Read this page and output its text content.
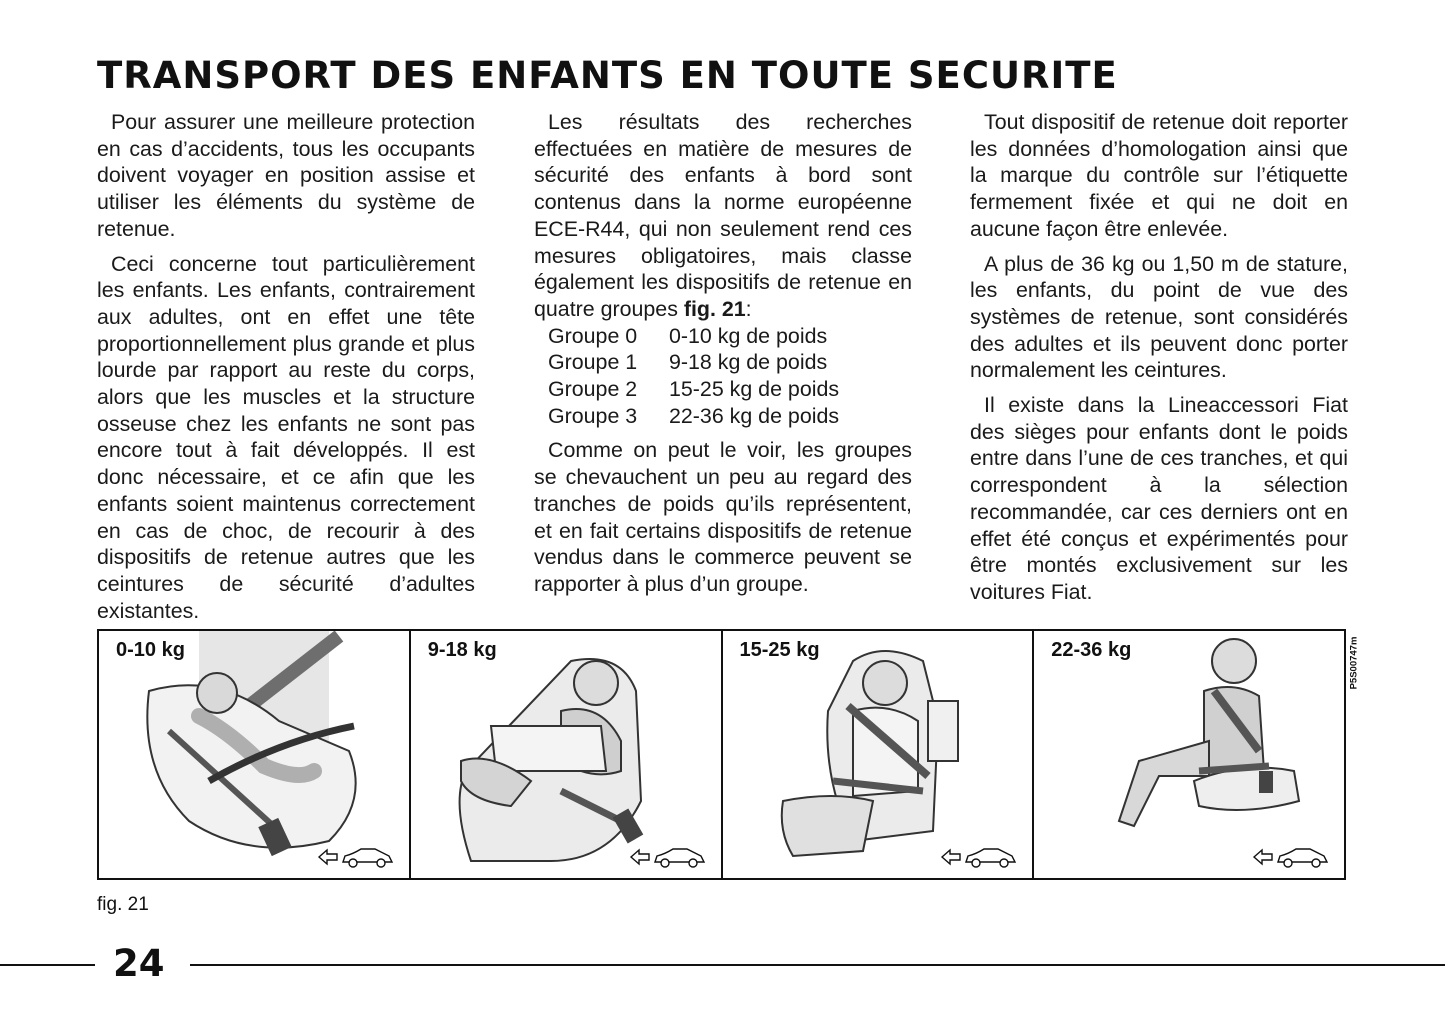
TRANSPORT DES ENFANTS EN TOUTE SECURITE

Pour assurer une meilleure protection en cas d’accidents, tous les occupants doivent voyager en position assise et utiliser les éléments du système de retenue.

Ceci concerne tout particulièrement les enfants. Les enfants, contrairement aux adultes, ont en effet une tête proportionnellement plus grande et plus lourde par rapport au reste du corps, alors que les muscles et la structure osseuse chez les enfants ne sont pas encore tout à fait développés. Il est donc nécessaire, et ce afin que les enfants soient maintenus correctement en cas de choc, de recourir à des dispositifs de retenue autres que les ceintures de sécurité d’adultes existantes.

Les résultats des recherches effectuées en matière de mesures de sécurité des enfants à bord sont contenus dans la norme européenne ECE-R44, qui non seulement rend ces mesures obligatoires, mais classe également les dispositifs de retenue en quatre groupes fig. 21:

Groupe 0	0-10 kg de poids
Groupe 1	9-18 kg de poids
Groupe 2	15-25 kg de poids
Groupe 3	22-36 kg de poids

Comme on peut le voir, les groupes se chevauchent un peu au regard des tranches de poids qu’ils représentent, et en fait certains dispositifs de retenue vendus dans le commerce peuvent se rapporter à plus d’un groupe.

Tout dispositif de retenue doit reporter les données d’homologation ainsi que la marque du contrôle sur l’étiquette fermement fixée et qui ne doit en aucune façon être enlevée.

A plus de 36 kg ou 1,50 m de stature, les enfants, du point de vue des systèmes de retenue, sont considérés des adultes et ils peuvent donc porter normalement les ceintures.

Il existe dans la Lineaccessori Fiat des sièges pour enfants dont le poids entre dans l’une de ces tranches, et qui correspondent à la sélection recommandée, car ces derniers ont en effet été conçus et expérimentés pour être montés exclusivement sur les voitures Fiat.

0-10 kg	9-18 kg	15-25 kg	22-36 kg	P5S00747m
fig. 21
24
